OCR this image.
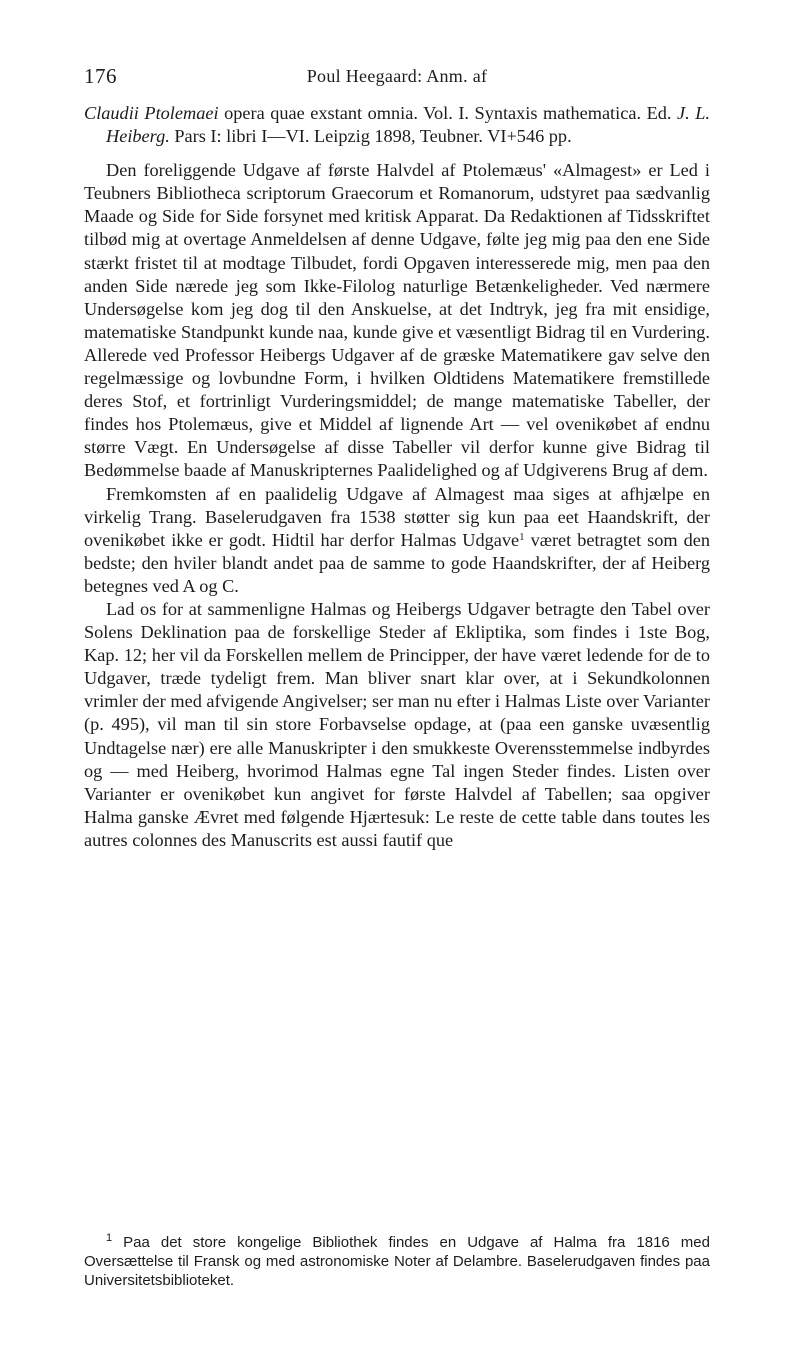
176	Poul Heegaard: Anm. af

Claudii Ptolemaei opera quae exstant omnia. Vol. I. Syntaxis mathematica. Ed. J. L. Heiberg. Pars I: libri I—VI. Leipzig 1898, Teubner. VI+546 pp.

Den foreliggende Udgave af første Halvdel af Ptolemæus' «Almagest» er Led i Teubners Bibliotheca scriptorum Graecorum et Romanorum, udstyret paa sædvanlig Maade og Side for Side forsynet med kritisk Apparat. Da Redaktionen af Tidsskriftet tilbød mig at overtage Anmeldelsen af denne Udgave, følte jeg mig paa den ene Side stærkt fristet til at modtage Tilbudet, fordi Opgaven interesserede mig, men paa den anden Side nærede jeg som Ikke-Filolog naturlige Betænkeligheder. Ved nærmere Undersøgelse kom jeg dog til den Anskuelse, at det Indtryk, jeg fra mit ensidige, matematiske Standpunkt kunde naa, kunde give et væsentligt Bidrag til en Vurdering. Allerede ved Professor Heibergs Udgaver af de græske Matematikere gav selve den regelmæssige og lovbundne Form, i hvilken Oldtidens Matematikere fremstillede deres Stof, et fortrinligt Vurderingsmiddel; de mange matematiske Tabeller, der findes hos Ptolemæus, give et Middel af lignende Art — vel ovenikøbet af endnu større Vægt. En Undersøgelse af disse Tabeller vil derfor kunne give Bidrag til Bedømmelse baade af Manuskripternes Paalidelighed og af Udgiverens Brug af dem.

Fremkomsten af en paalidelig Udgave af Almagest maa siges at afhjælpe en virkelig Trang. Baselerudgaven fra 1538 støtter sig kun paa eet Haandskrift, der ovenikøbet ikke er godt. Hidtil har derfor Halmas Udgave$^1$ været betragtet som den bedste; den hviler blandt andet paa de samme to gode Haandskrifter, der af Heiberg betegnes ved A og C.

Lad os for at sammenligne Halmas og Heibergs Udgaver betragte den Tabel over Solens Deklination paa de forskellige Steder af Ekliptika, som findes i 1ste Bog, Kap. 12; her vil da Forskellen mellem de Principper, der have været ledende for de to Udgaver, træde tydeligt frem. Man bliver snart klar over, at i Sekundkolonnen vrimler der med afvigende Angivelser; ser man nu efter i Halmas Liste over Varianter (p. 495), vil man til sin store Forbavselse opdage, at (paa een ganske uvæsentlig Undtagelse nær) ere alle Manuskripter i den smukkeste Overensstemmelse indbyrdes og — med Heiberg, hvorimod Halmas egne Tal ingen Steder findes. Listen over Varianter er ovenikøbet kun angivet for første Halvdel af Tabellen; saa opgiver Halma ganske Ævret med følgende Hjærtesuk: Le reste de cette table dans toutes les autres colonnes des Manuscrits est aussi fautif que

$^1$ Paa det store kongelige Bibliothek findes en Udgave af Halma fra 1816 med Oversættelse til Fransk og med astronomiske Noter af Delambre. Baselerudgaven findes paa Universitetsbiblioteket.
